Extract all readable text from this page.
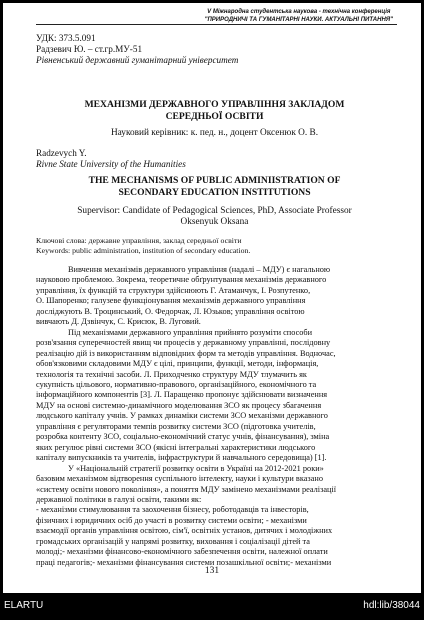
V Міжнародна студентська наукова - технічна конференція
"ПРИРОДНИЧІ ТА ГУМАНІТАРНІ НАУКИ. АКТУАЛЬНІ ПИТАННЯ"
УДК: 373.5.091
Радзевич Ю. – ст.гр.МУ-51
Рівненський державний гуманітарний університет
МЕХАНІЗМИ ДЕРЖАВНОГО УПРАВЛІННЯ ЗАКЛАДОМ
СЕРЕДНЬОЇ ОСВІТИ
Науковий керівник: к. пед. н., доцент Оксенюк О. В.
Radzevych Y.
Rivne State University of the Humanities
THE MECHANISMS OF PUBLIC ADMINIISTRATION OF
SECONDARY EDUCATION INSTITUTIONS
Supervisor: Candidate of Pedagogical Sciences, PhD, Associate Professor
Oksenyuk Oksana
Ключові слова: державне управління, заклад середньої освіти
Keywords: public administration, institution of secondary education.

Вивчення механізмів державного управління (надалі – МДУ) є нагальною

науковою проблемою. Зокрема, теоретичне обґрунтування механізмів державного
управління, їх функцій та структури здійснюють Г. Атаманчук, І. Розпутенко,
О. Шапоренко; галузеве функціонування механізмів державного управління
досліджують В. Троцинський, О. Федорчак, Л. Юзьков; управління освітою
вивчають Д. Дзвінчук, С. Крисюк, В. Луговий.

Під механізмами державного управління прийнято розуміти способи

розв'язання суперечностей явищ чи процесів у державному управлінні, послідовну
реалізацію дій із використанням відповідних форм та методів управління. Водночас,
обов'язковими складовими МДУ є цілі, принципи, функції, методи, інформація,
технологія та технічні засоби. Л. Приходченко структуру МДУ тлумачить як
сукупність цільового, нормативно-правового, організаційного, економічного та
інформаційного компонентів [3]. Л. Паращенко пропонує здійснювати визначення
МДУ на основі системно-динамічного моделювання ЗСО як процесу збагачення
людського капіталу учнів. У рамках динаміки системи ЗСО механізми державного
управління є регуляторами темпів розвитку системи ЗСО (підготовка учителів,
розробка контенту ЗСО, соціально-економічний статус учнів, фінансування), зміна
яких регулює рівні системи ЗСО (якісні інтегральні характеристики людського
капіталу випускників та учителів, інфраструктури й навчального середовища) [1].

У «Національній стратегії розвитку освіти в Україні на 2012-2021 роки»

базовим механізмом відтворення суспільного інтелекту, науки і культури вказано
«систему освіти нового покоління», а поняття МДУ замінено механізмами реалізації
державної політики в галузі освіти, такими як:
- механізми стимулювання та заохочення бізнесу, роботодавців та інвесторів,
фізичних і юридичних осіб до участі в розвитку системи освіти; - механізми
взаємодії органів управління освітою, сім'ї, освітніх установ, дитячих і молодіжних
громадських організацій у напрямі розвитку, виховання і соціалізації дітей та
молоді;- механізми фінансово-економічного забезпечення освіти, належної оплати
праці педагогів;- механізми фінансування системи позашкільної освіти;- механізми
131
ELARTU	hdl:lib/38044
